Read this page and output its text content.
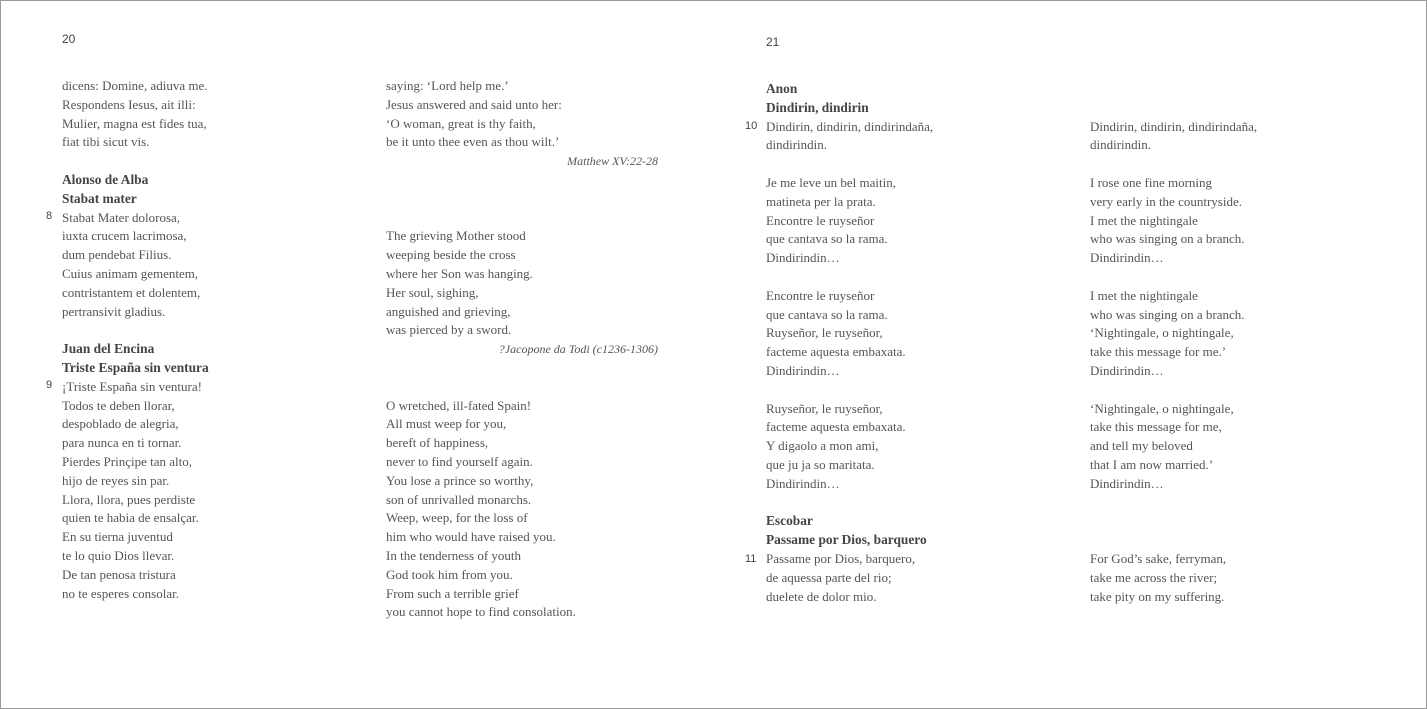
20
8
9
dicens: Domine, adiuva me.
Respondens Iesus, ait illi:
Mulier, magna est fides tua,
fiat tibi sicut vis.
Alonso de Alba
Stabat mater
Stabat Mater dolorosa,
iuxta crucem lacrimosa,
dum pendebat Filius.
Cuius animam gementem,
contristantem et dolentem,
pertransivit gladius.
Juan del Encina
Triste España sin ventura
¡Triste España sin ventura!
Todos te deben llorar,
despoblado de alegria,
para nunca en ti tornar.
Pierdes Prinçipe tan alto,
hijo de reyes sin par.
Llora, llora, pues perdiste
quien te habia de ensalçar.
En su tierna juventud
te lo quio Dios llevar.
De tan penosa tristura
no te esperes consolar.
saying: ‘Lord help me.’
Jesus answered and said unto her:
‘O woman, great is thy faith,
be it unto thee even as thou wilt.’
Matthew XV:22-28
The grieving Mother stood
weeping beside the cross
where her Son was hanging.
Her soul, sighing,
anguished and grieving,
was pierced by a sword.
?Jacopone da Todi (c1236-1306)
O wretched, ill-fated Spain!
All must weep for you,
bereft of happiness,
never to find yourself again.
You lose a prince so worthy,
son of unrivalled monarchs.
Weep, weep, for the loss of
him who would have raised you.
In the tenderness of youth
God took him from you.
From such a terrible grief
you cannot hope to find consolation.
21
10
11
Anon
Dindirin, dindirin
Dindirin, dindirin, dindirindaña,
dindirindin.
Je me leve un bel maitin,
matineta per la prata.
Encontre le ruyseñor
que cantava so la rama.
Dindirindin…
Encontre le ruyseñor
que cantava so la rama.
Ruyseñor, le ruyseñor,
facteme aquesta embaxata.
Dindirindin…
Ruyseñor, le ruyseñor,
facteme aquesta embaxata.
Y digaolo a mon ami,
que ju ja so maritata.
Dindirindin…
Escobar
Passame por Dios, barquero
Passame por Dios, barquero,
de aquessa parte del rio;
duelete de dolor mio.
Dindirin, dindirin, dindirindaña,
dindirindin.
I rose one fine morning
very early in the countryside.
I met the nightingale
who was singing on a branch.
Dindirindin…
I met the nightingale
who was singing on a branch.
‘Nightingale, o nightingale,
take this message for me.’
Dindirindin…
‘Nightingale, o nightingale,
take this message for me,
and tell my beloved
that I am now married.’
Dindirindin…
For God’s sake, ferryman,
take me across the river;
take pity on my suffering.
